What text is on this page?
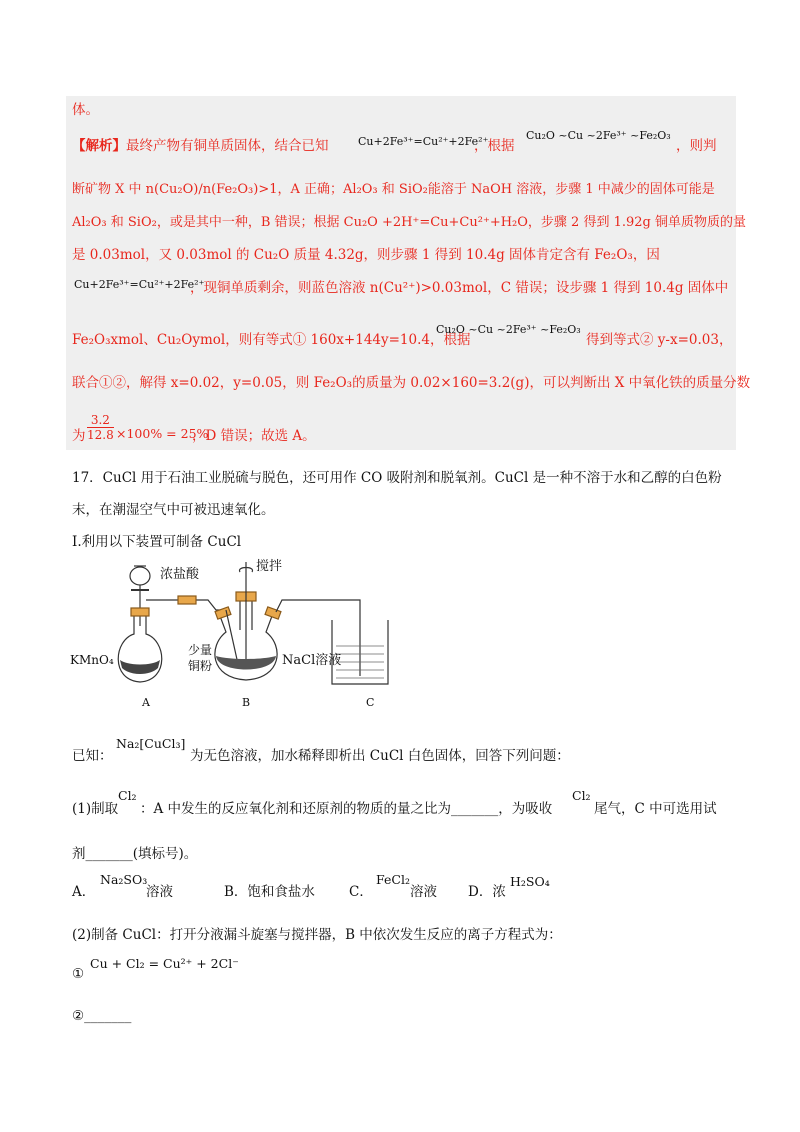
体。
【解析】最终产物有铜单质固体，结合已知	Cu+2Fe³⁺=Cu²⁺+2Fe²⁺
，根据
Cu₂O ~Cu ~2Fe³⁺ ~Fe₂O₃
，则判
断矿物 X 中 n(Cu₂O)/n(Fe₂O₃)>1，A 正确；Al₂O₃ 和 SiO₂能溶于 NaOH 溶液，步骤 1 中减少的固体可能是
Al₂O₃ 和 SiO₂，或是其中一种，B 错误；根据 Cu₂O +2H⁺=Cu+Cu²⁺+H₂O，步骤 2 得到 1.92g 铜单质物质的量
是 0.03mol，又 0.03mol 的 Cu₂O 质量 4.32g，则步骤 1 得到 10.4g 固体肯定含有 Fe₂O₃，因
Cu+2Fe³⁺=Cu²⁺+2Fe²⁺
，现铜单质剩余，则蓝色溶液 n(Cu²⁺)>0.03mol，C 错误；设步骤 1 得到 10.4g 固体中
Fe₂O₃xmol、Cu₂Oymol，则有等式① 160x+144y=10.4，根据
Cu₂O ~Cu ~2Fe³⁺ ~Fe₂O₃
得到等式② y-x=0.03，
联合①②，解得 x=0.02，y=0.05，则 Fe₂O₃的质量为 0.02×160=3.2(g)，可以判断出 X 中氧化铁的质量分数
为 $\frac{3.2}{12.8} \times 100\% = 25\%$
，D 错误；故选 A。
17．CuCl 用于石油工业脱硫与脱色，还可用作 CO 吸附剂和脱氧剂。CuCl 是一种不溶于水和乙醇的白色粉
末，在潮湿空气中可被迅速氧化。
Ⅰ.利用以下装置可制备 CuCl
浓盐酸
搅拌
KMnO₄
少量
铜粉	NaCl溶液
A	B	C
已知：
Na₂[CuCl₃]
为无色溶液，加水稀释即析出 CuCl 白色固体，回答下列问题：
(1)制取
Cl₂
：A 中发生的反应氧化剂和还原剂的物质的量之比为_______，为吸收
Cl₂
尾气，C 中可选用试
剂_______(填标号)。
A．
Na₂SO₃
溶液	B．饱和食盐水	C．
FeCl₂
溶液 D．浓
H₂SO₄
(2)制备 CuCl：打开分液漏斗旋塞与搅拌器，B 中依次发生反应的离子方程式为：
①
Cu + Cl₂ = Cu²⁺ + 2Cl⁻
②_______
